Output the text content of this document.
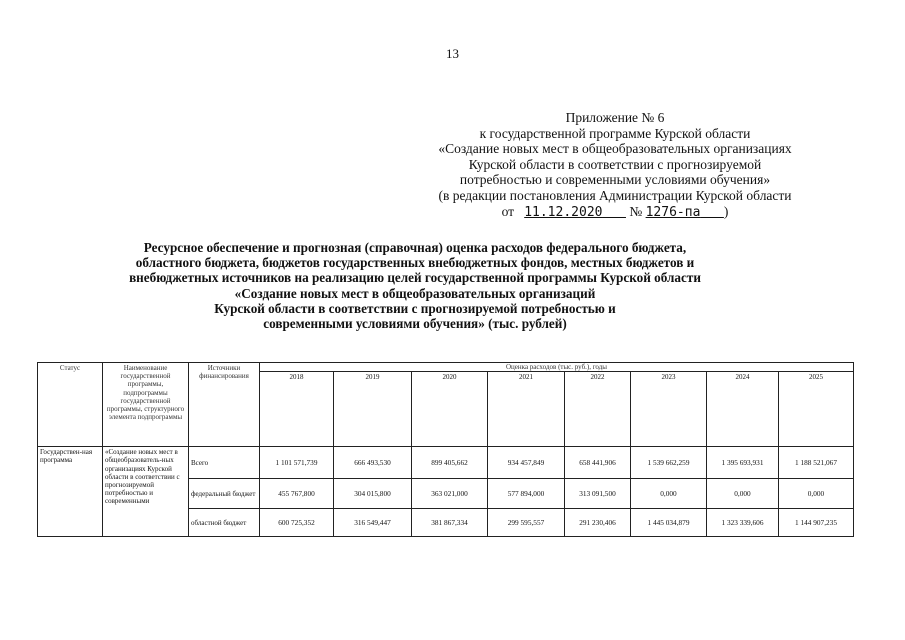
13
Приложение № 6
к государственной программе Курской области
«Создание новых мест в общеобразовательных организациях
Курской области в соответствии с прогнозируемой
потребностью и современными условиями обучения»
(в редакции постановления Администрации Курской области
от 11.12.2020 № 1276-па )
Ресурсное обеспечение и прогнозная (справочная) оценка расходов федерального бюджета,
областного бюджета, бюджетов государственных внебюджетных фондов, местных бюджетов и
внебюджетных источников на реализацию целей государственной программы Курской области
«Создание новых мест в общеобразовательных организаций
Курской области в соответствии с прогнозируемой потребностью и
современными условиями обучения» (тыс. рублей)
Статус	Наименование государственной программы, подпрограммы государственной программы, структурного элемента подпрограммы	Источники финансирования	Оценка расходов (тыс. руб.), годы							
			2018	2019	2020	2021	2022	2023	2024	2025
Государствен-ная программа	«Создание новых мест в общеобразователь-ных организациях Курской области в соответствии с прогнозируемой потребностью и современными	Всего	1 101 571,739	666 493,530	899 405,662	934 457,849	658 441,906	1 539 662,259	1 395 693,931	1 188 521,067
		федеральный бюджет	455 767,800	304 015,800	363 021,000	577 894,000	313 091,500	0,000	0,000	0,000
		областной бюджет	600 725,352	316 549,447	381 867,334	299 595,557	291 230,406	1 445 034,879	1 323 339,606	1 144 907,235
